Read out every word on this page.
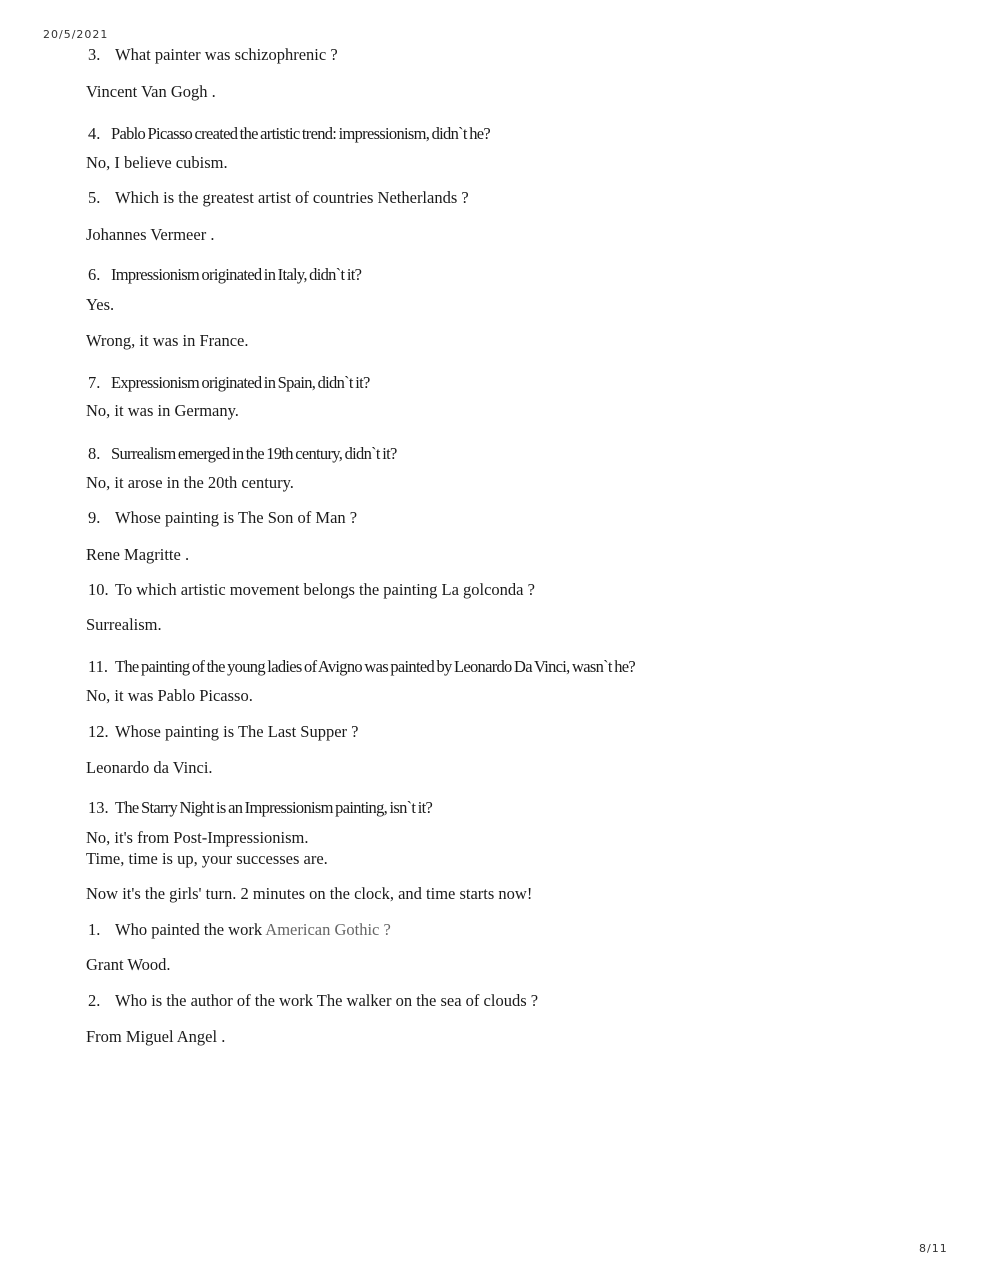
20/5/2021
3. What painter was schizophrenic ?
Vincent Van Gogh .
4. Pablo Picasso created the artistic trend: impressionism, didn`t he?
No, I believe cubism.
5. Which is the greatest artist of countries Netherlands ?
Johannes Vermeer .
6. Impressionism originated in Italy, didn`t it?
Yes.
Wrong, it was in France.
7. Expressionism originated in Spain, didn`t it?
No, it was in Germany.
8. Surrealism emerged in the 19th century, didn`t it?
No, it arose in the 20th century.
9. Whose painting is The Son of Man ?
Rene Magritte .
10. To which artistic movement belongs the painting La golconda ?
Surrealism.
11. The painting of the young ladies of Avigno was painted by Leonardo Da Vinci, wasn`t he?
No, it was Pablo Picasso.
12. Whose painting is The Last Supper ?
Leonardo da Vinci.
13. The Starry Night is an Impressionism painting, isn`t it?
No, it's from Post-Impressionism.
Time, time is up, your successes are.
Now it's the girls' turn. 2 minutes on the clock, and time starts now!
1. Who painted the work American Gothic ?
Grant Wood.
2. Who is the author of the work The walker on the sea of clouds ?
From Miguel Angel .
8/11
